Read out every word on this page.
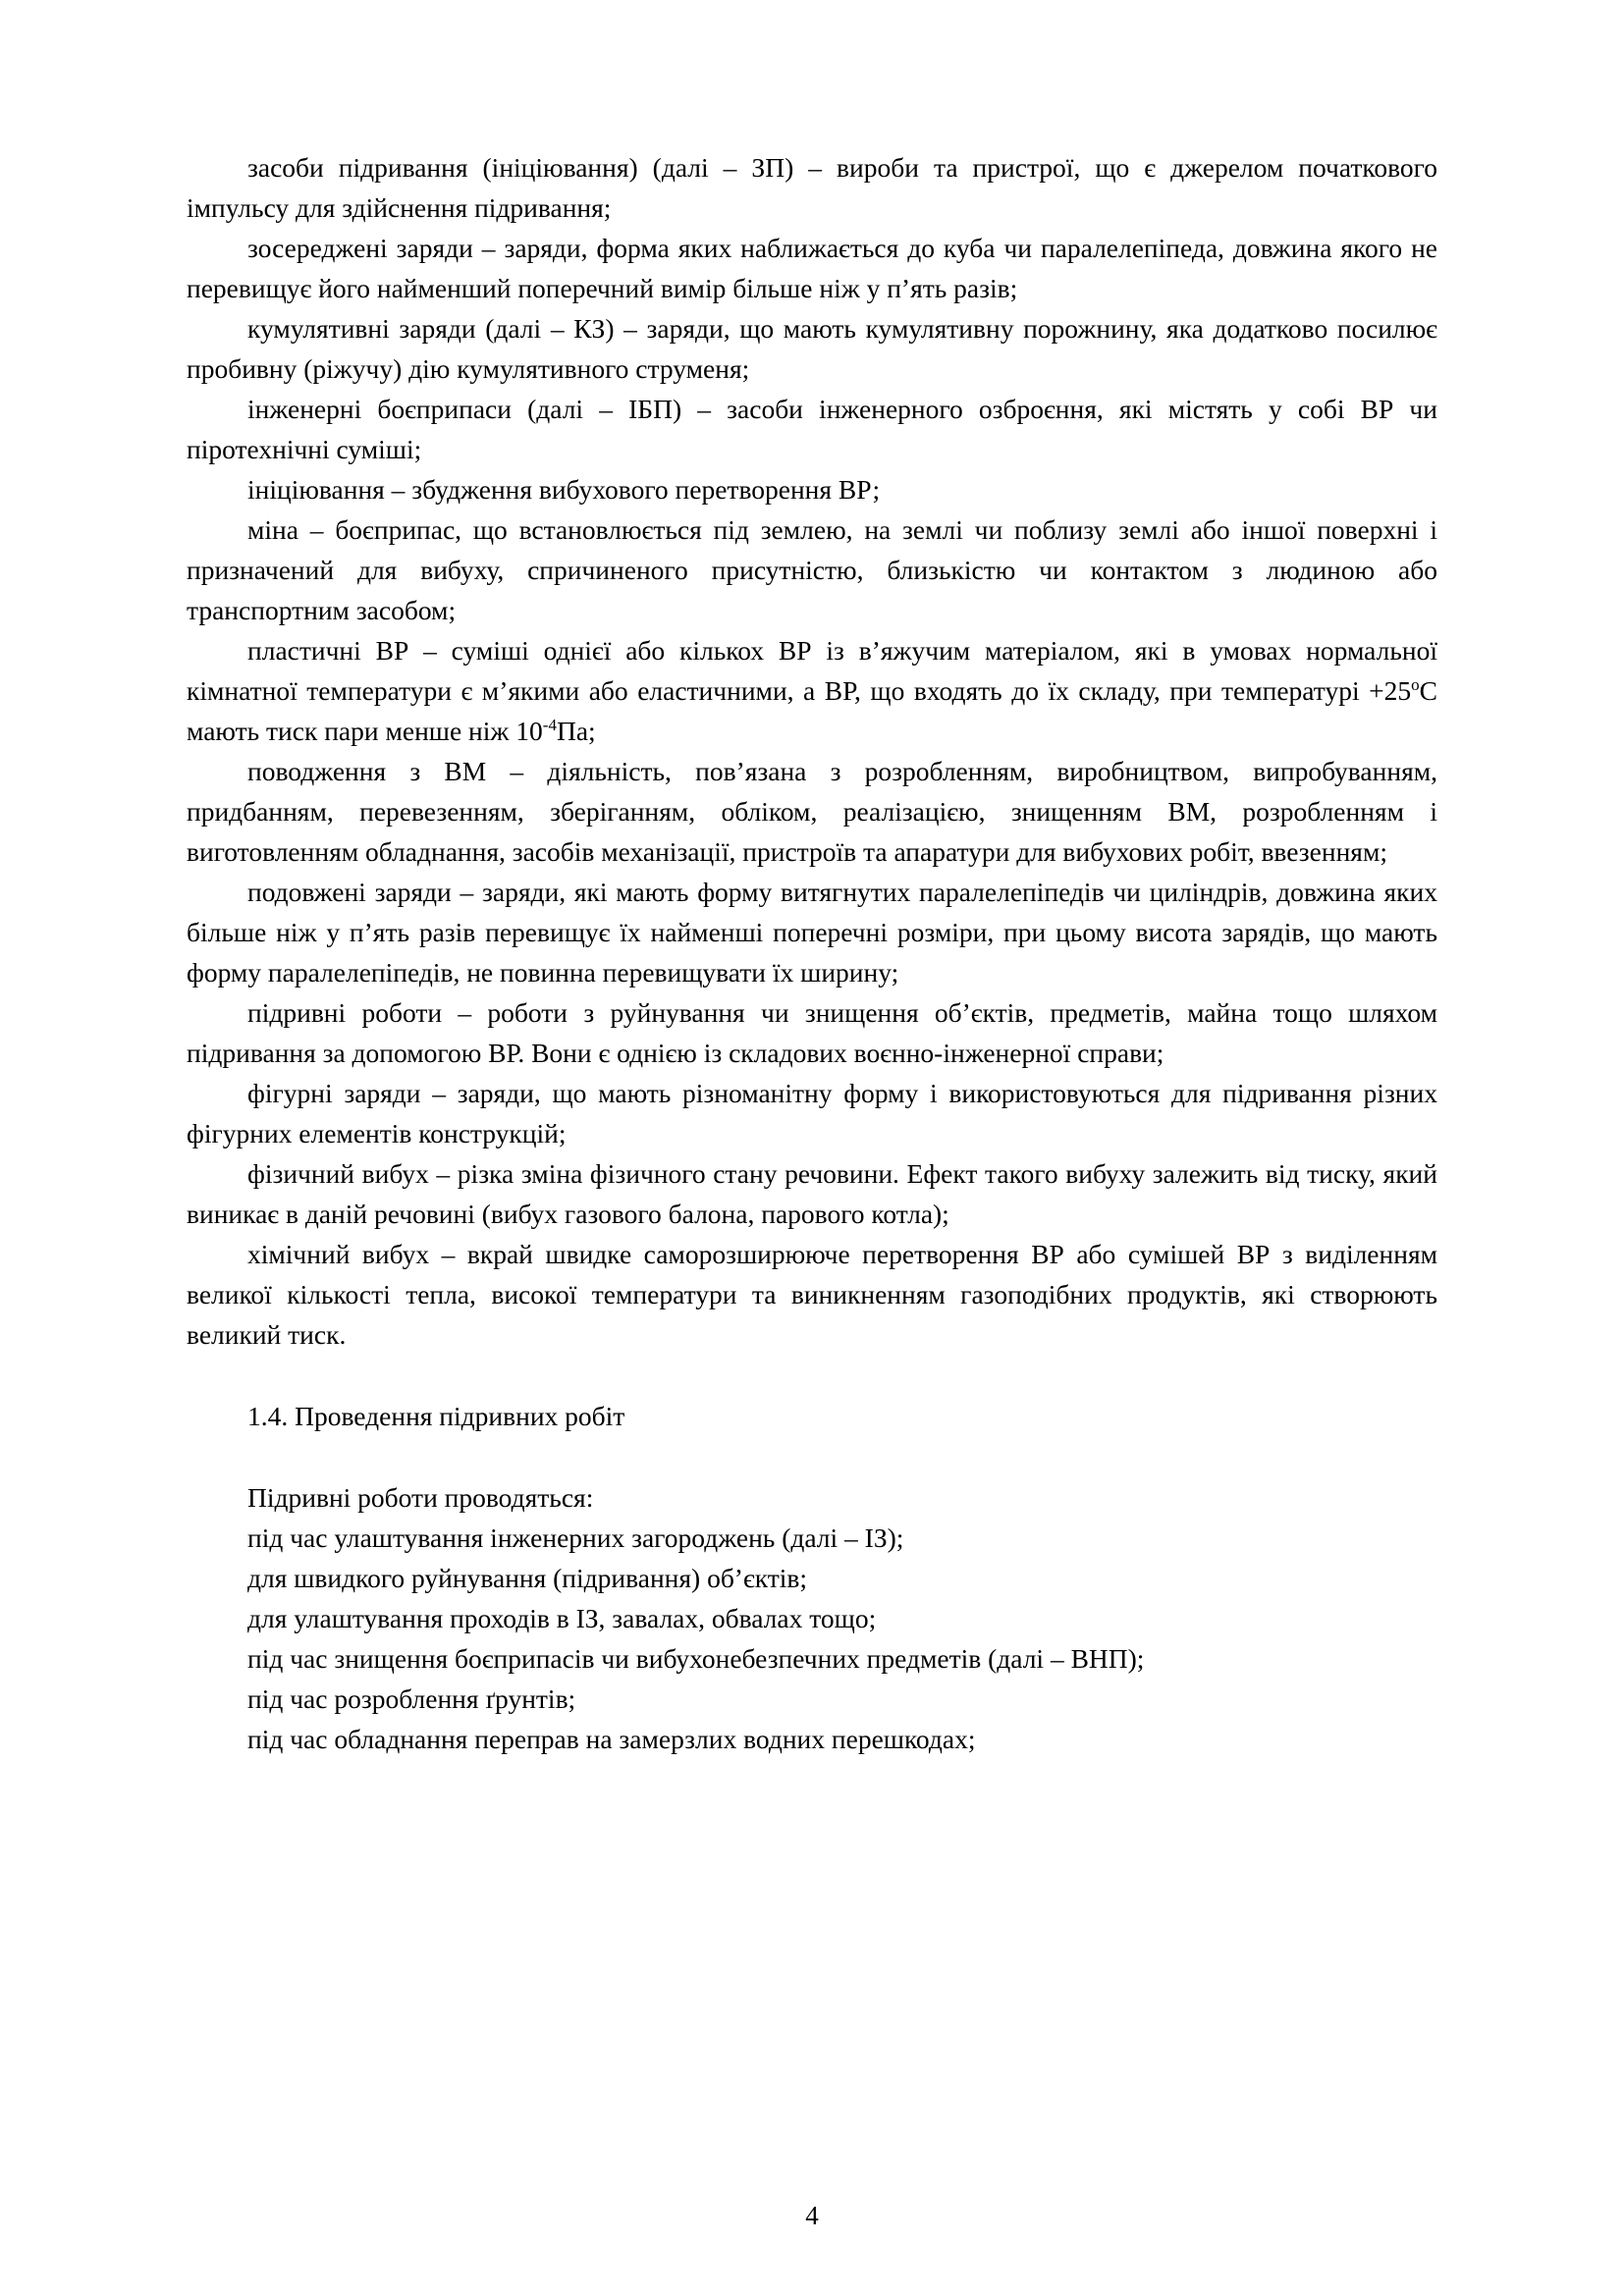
засоби підривання (ініціювання) (далі – ЗП) – вироби та пристрої, що є джерелом початкового імпульсу для здійснення підривання;

зосереджені заряди – заряди, форма яких наближається до куба чи паралелепіпеда, довжина якого не перевищує його найменший поперечний вимір більше ніж у п’ять разів;

кумулятивні заряди (далі – КЗ) – заряди, що мають кумулятивну порожнину, яка додатково посилює пробивну (ріжучу) дію кумулятивного струменя;

інженерні боєприпаси (далі – ІБП) – засоби інженерного озброєння, які містять у собі ВР чи піротехнічні суміші;

ініціювання – збудження вибухового перетворення ВР;

міна – боєприпас, що встановлюється під землею, на землі чи поблизу землі або іншої поверхні і призначений для вибуху, спричиненого присутністю, близькістю чи контактом з людиною або транспортним засобом;

пластичні ВР – суміші однієї або кількох ВР із в’яжучим матеріалом, які в умовах нормальної кімнатної температури є м’якими або еластичними, а ВР, що входять до їх складу, при температурі $+25^оС$ мають тиск пари менше ніж $10^{-4}Па$;

поводження з ВМ – діяльність, пов’язана з розробленням, виробництвом, випробуванням, придбанням, перевезенням, зберіганням, обліком, реалізацією, знищенням ВМ, розробленням і виготовленням обладнання, засобів механізації, пристроїв та апаратури для вибухових робіт, ввезенням;

подовжені заряди – заряди, які мають форму витягнутих паралелепіпедів чи циліндрів, довжина яких більше ніж у п’ять разів перевищує їх найменші поперечні розміри, при цьому висота зарядів, що мають форму паралелепіпедів, не повинна перевищувати їх ширину;

підривні роботи – роботи з руйнування чи знищення об’єктів, предметів, майна тощо шляхом підривання за допомогою ВР. Вони є однією із складових воєнно-інженерної справи;

фігурні заряди – заряди, що мають різноманітну форму і використовуються для підривання різних фігурних елементів конструкцій;

фізичний вибух – різка зміна фізичного стану речовини. Ефект такого вибуху залежить від тиску, який виникає в даній речовині (вибух газового балона, парового котла);

хімічний вибух – вкрай швидке саморозширююче перетворення ВР або сумішей ВР з виділенням великої кількості тепла, високої температури та виникненням газоподібних продуктів, які створюють великий тиск.

1.4. Проведення підривних робіт

Підривні роботи проводяться:

під час улаштування інженерних загороджень (далі – ІЗ);

для швидкого руйнування (підривання) об’єктів;

для улаштування проходів в ІЗ, завалах, обвалах тощо;

під час знищення боєприпасів чи вибухонебезпечних предметів (далі – ВНП);

під час розроблення ґрунтів;

під час обладнання переправ на замерзлих водних перешкодах;

4
